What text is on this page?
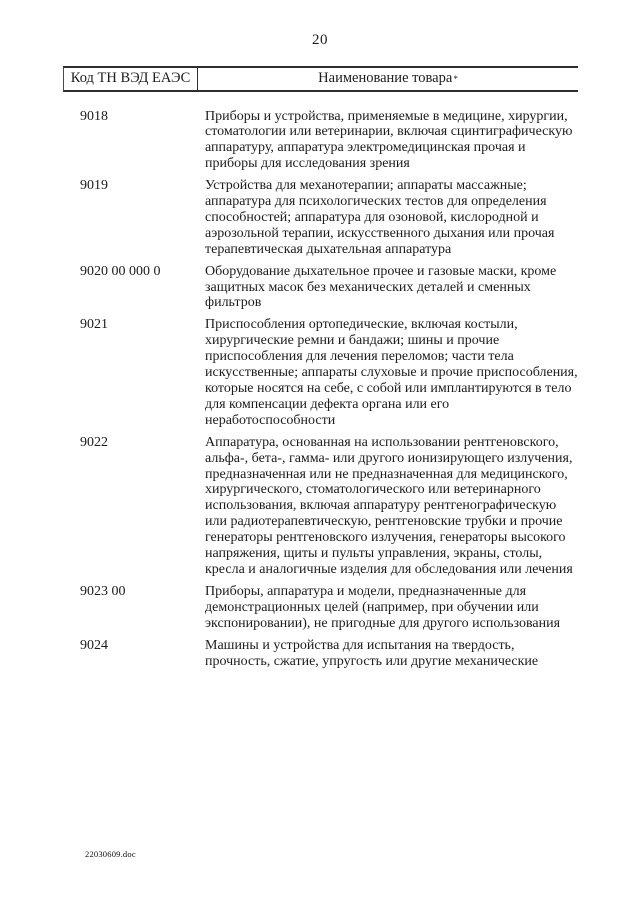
20
Код ТН ВЭД ЕАЭС	Наименование товара *
9018	Приборы и устройства, применяемые в медицине, хирургии, стоматологии или ветеринарии, включая сцинтиграфическую аппаратуру, аппаратура электромедицинская прочая и приборы для исследования зрения
9019	Устройства для механотерапии; аппараты массажные; аппаратура для психологических тестов для определения способностей; аппаратура для озоновой, кислородной и аэрозольной терапии, искусственного дыхания или прочая терапевтическая дыхательная аппаратура
9020 00 000 0	Оборудование дыхательное прочее и газовые маски, кроме защитных масок без механических деталей и сменных фильтров
9021	Приспособления ортопедические, включая костыли, хирургические ремни и бандажи; шины и прочие приспособления для лечения переломов; части тела искусственные; аппараты слуховые и прочие приспособления, которые носятся на себе, с собой или имплантируются в тело для компенсации дефекта органа или его неработоспособности
9022	Аппаратура, основанная на использовании рентгеновского, альфа-, бета-, гамма- или другого ионизирующего излучения, предназначенная или не предназначенная для медицинского, хирургического, стоматологического или ветеринарного использования, включая аппаратуру рентгенографическую или радиотерапевтическую, рентгеновские трубки и прочие генераторы рентгеновского излучения, генераторы высокого напряжения, щиты и пульты управления, экраны, столы, кресла и аналогичные изделия для обследования или лечения
9023 00	Приборы, аппаратура и модели, предназначенные для демонстрационных целей (например, при обучении или экспонировании), не пригодные для другого использования
9024	Машины и устройства для испытания на твердость, прочность, сжатие, упругость или другие механические
22030609.doc
